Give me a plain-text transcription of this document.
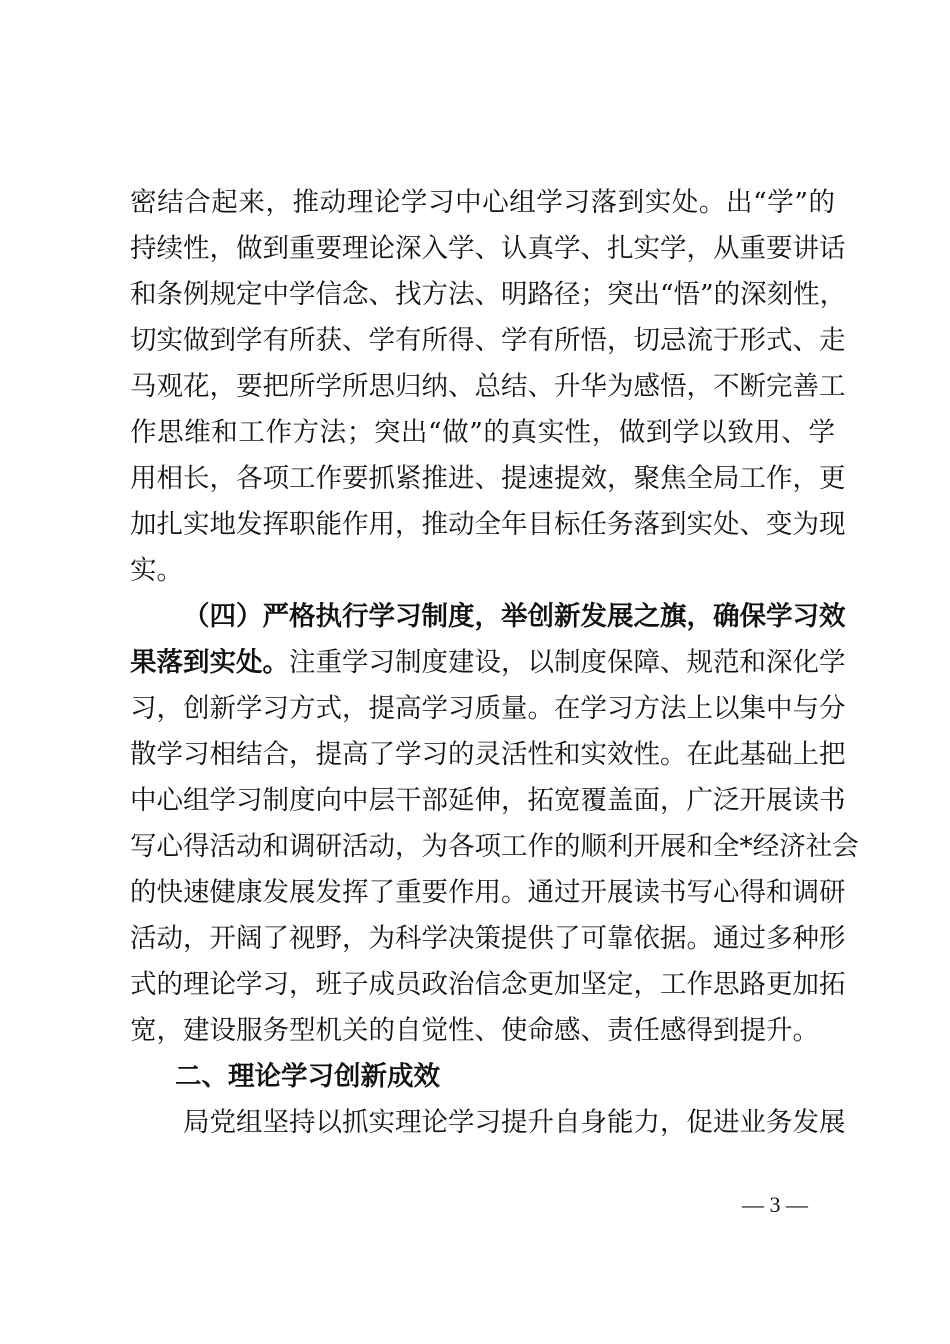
密结合起来，推动理论学习中心组学习落到实处。出“学”的
持续性，做到重要理论深入学、认真学、扎实学，从重要讲话
和条例规定中学信念、找方法、明路径；突出“悟”的深刻性，
切实做到学有所获、学有所得、学有所悟，切忌流于形式、走
马观花，要把所学所思归纳、总结、升华为感悟，不断完善工
作思维和工作方法；突出“做”的真实性，做到学以致用、学
用相长，各项工作要抓紧推进、提速提效，聚焦全局工作，更
加扎实地发挥职能作用，推动全年目标任务落到实处、变为现
实。
（四）严格执行学习制度，举创新发展之旗，确保学习效
果落到实处。注重学习制度建设，以制度保障、规范和深化学
习，创新学习方式，提高学习质量。在学习方法上以集中与分
散学习相结合，提高了学习的灵活性和实效性。在此基础上把
中心组学习制度向中层干部延伸，拓宽覆盖面，广泛开展读书
写心得活动和调研活动，为各项工作的顺利开展和全*经济社会
的快速健康发展发挥了重要作用。通过开展读书写心得和调研
活动，开阔了视野，为科学决策提供了可靠依据。通过多种形
式的理论学习，班子成员政治信念更加坚定，工作思路更加拓
宽，建设服务型机关的自觉性、使命感、责任感得到提升。
二、理论学习创新成效
局党组坚持以抓实理论学习提升自身能力，促进业务发展
— 3 —
